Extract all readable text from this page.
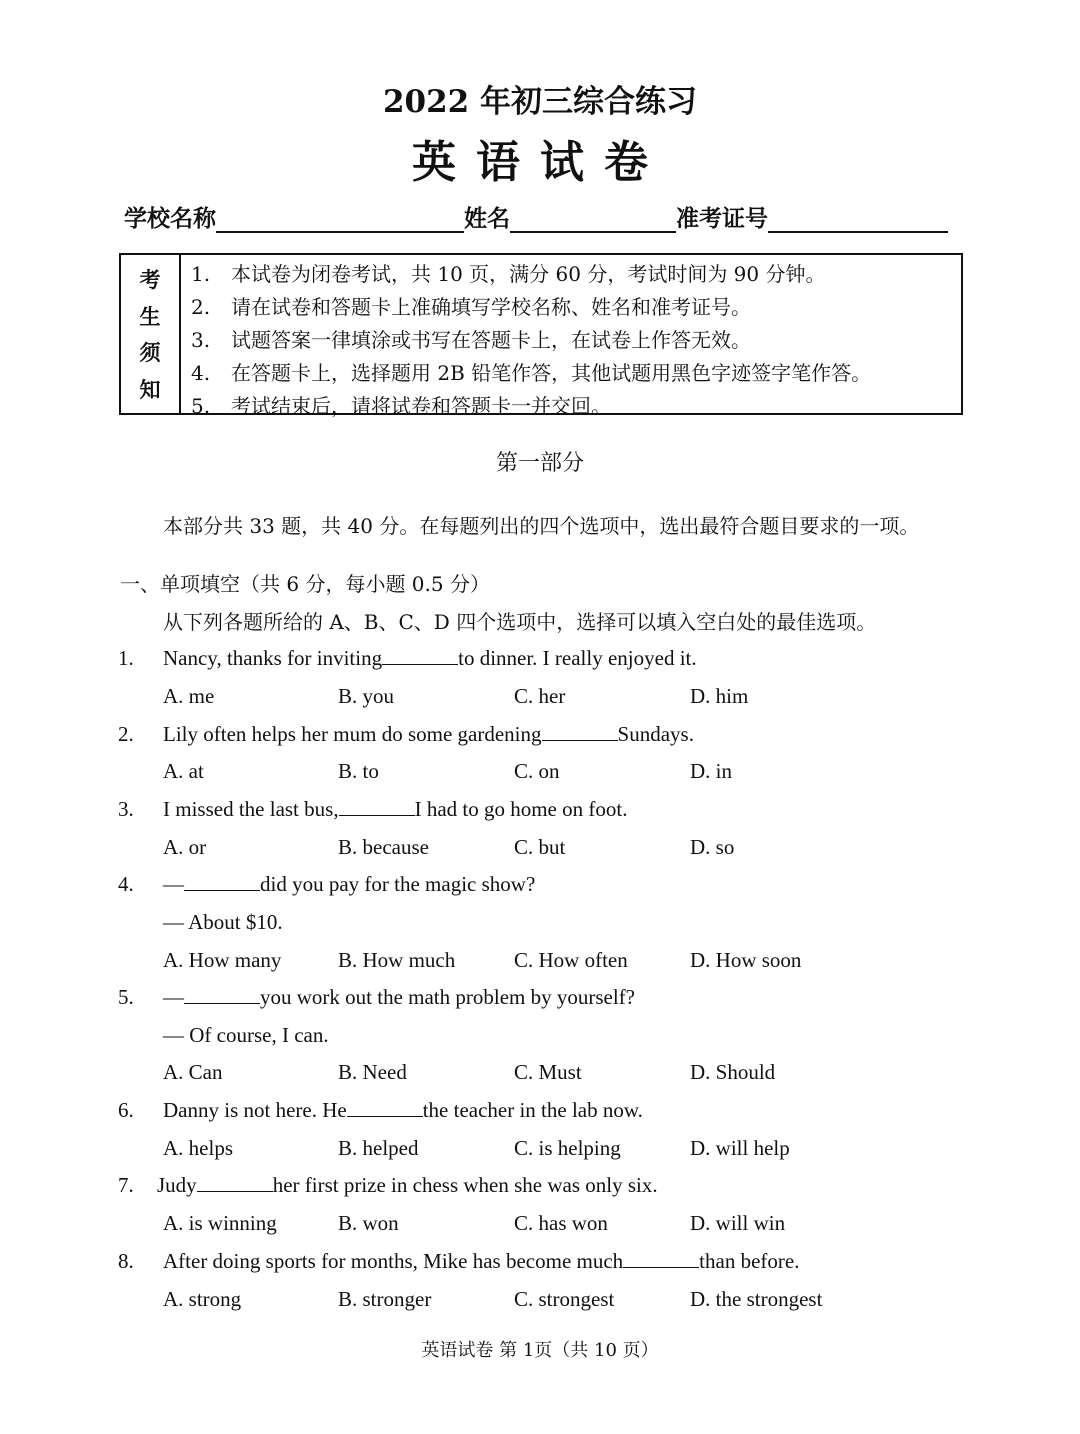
2022 年初三综合练习
英语试卷
学校名称	姓名	准考证号
考
生
须
知
1.	本试卷为闭卷考试，共 10 页，满分 60 分，考试时间为 90 分钟。
2.	请在试卷和答题卡上准确填写学校名称、姓名和准考证号。
3.	试题答案一律填涂或书写在答题卡上，在试卷上作答无效。
4.	在答题卡上，选择题用 2B 铅笔作答，其他试题用黑色字迹签字笔作答。
5.	考试结束后，请将试卷和答题卡一并交回。
第一部分
本部分共 33 题，共 40 分。在每题列出的四个选项中，选出最符合题目要求的一项。
一、单项填空（共 6 分，每小题 0.5 分）
从下列各题所给的 A、B、C、D 四个选项中，选择可以填入空白处的最佳选项。
1. Nancy, thanks for inviting	to dinner. I really enjoyed it.
A. me	B. you	C. her	D. him
2. Lily often helps her mum do some gardening	Sundays.
A. at	B. to	C. on	D. in
3. I missed the last bus,	I had to go home on foot.
A. or	B. because	C. but	D. so
4. —	did you pay for the magic show?
— About $10.
A. How many	B. How much	C. How often	D. How soon
5. —	you work out the math problem by yourself?
— Of course, I can.
A. Can	B. Need	C. Must	D. Should
6. Danny is not here. He	the teacher in the lab now.
A. helps	B. helped	C. is helping	D. will help
7. Judy	her first prize in chess when she was only six.
A. is winning	B. won	C. has won	D. will win
8. After doing sports for months, Mike has become much	than before.
A. strong	B. stronger	C. strongest	D. the strongest
英语试卷 第 1页（共 10 页）
